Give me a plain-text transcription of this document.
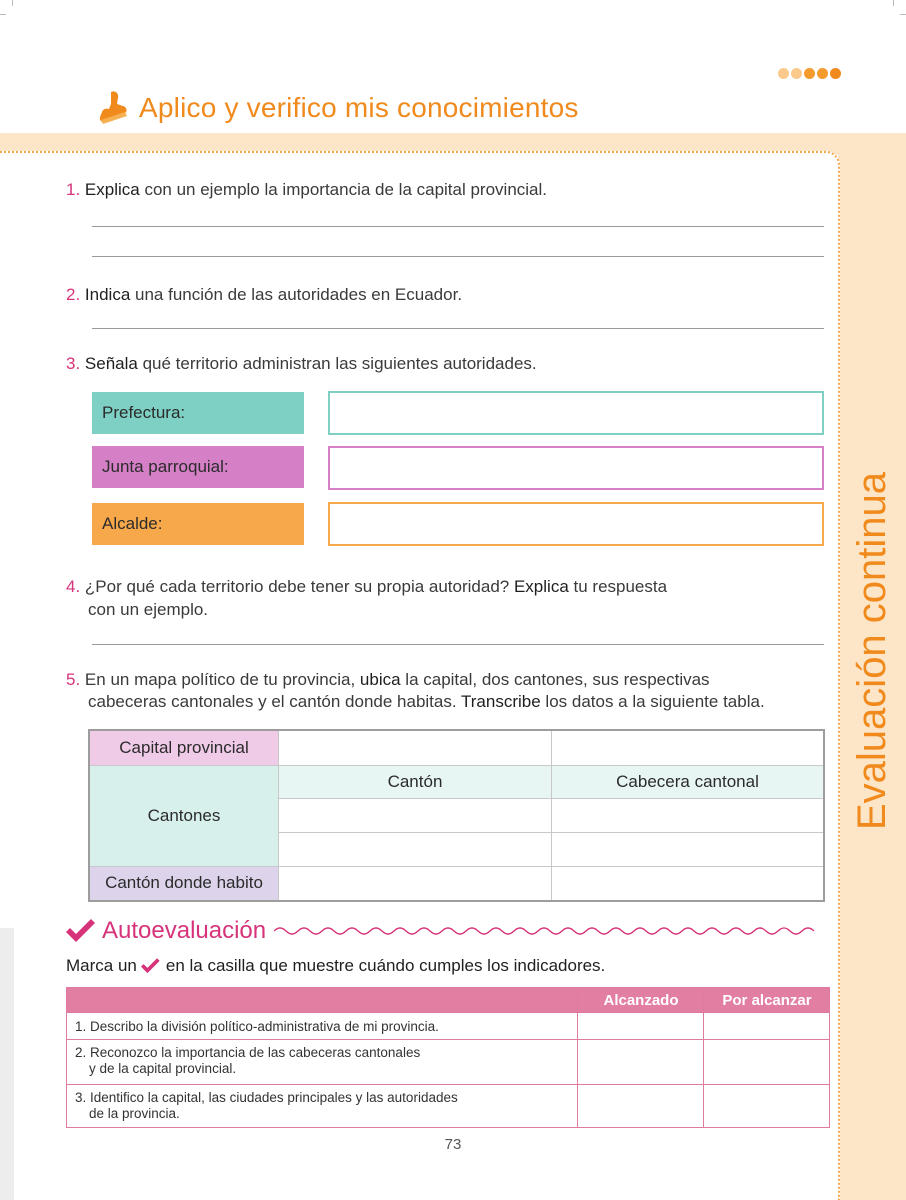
Evaluación continua
Aplico y verifico mis conocimientos
1. Explica con un ejemplo la importancia de la capital provincial.
2. Indica una función de las autoridades en Ecuador.
3. Señala qué territorio administran las siguientes autoridades.
Prefectura:
Junta parroquial:
Alcalde:
4. ¿Por qué cada territorio debe tener su propia autoridad? Explica tu respuesta
con un ejemplo.
5. En un mapa político de tu provincia, ubica la capital, dos cantones, sus respectivas
cabeceras cantonales y el cantón donde habitas. Transcribe los datos a la siguiente tabla.
Capital provincial
Cantones
Cantón donde habito
Cantón	Cabecera cantonal
Autoevaluación
Marca un en la casilla que muestre cuándo cumples los indicadores.
Alcanzado	Por alcanzar
1. Describo la división político-administrativa de mi provincia.
2. Reconozco la importancia de las cabeceras cantonales
y de la capital provincial.
3. Identifico la capital, las ciudades principales y las autoridades
de la provincia.
73
